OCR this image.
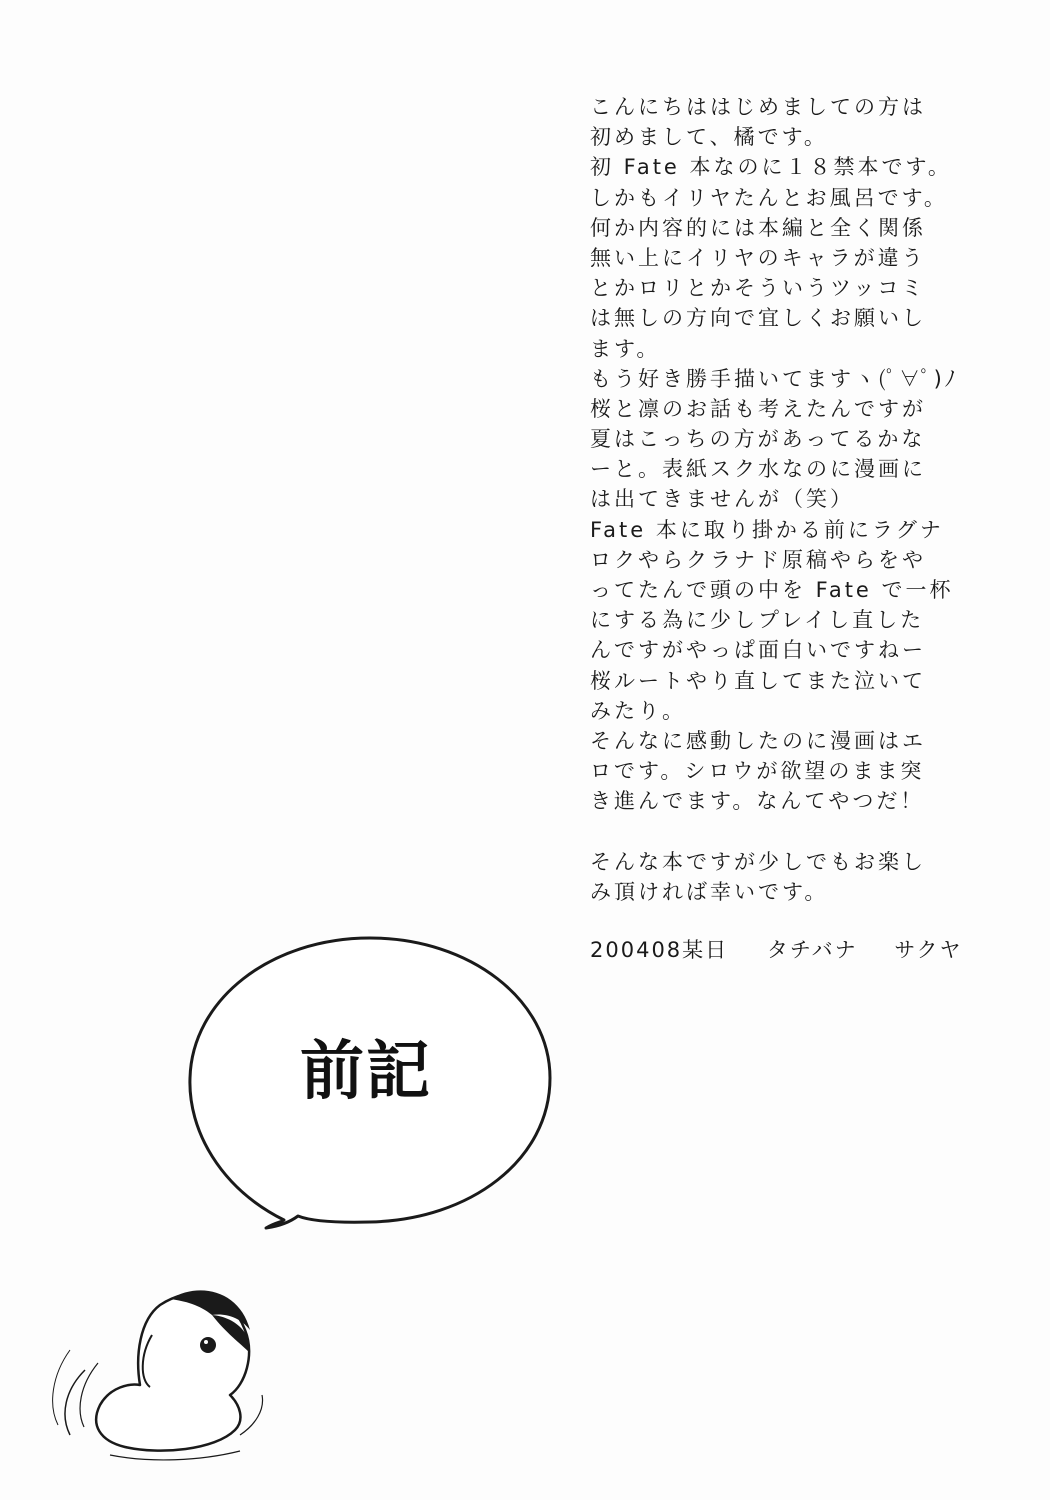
こんにちははじめましての方は
初めまして、橘です。
初 Fate 本なのに１８禁本です。
しかもイリヤたんとお風呂です。
何か内容的には本編と全く関係
無い上にイリヤのキャラが違う
とかロリとかそういうツッコミ
は無しの方向で宜しくお願いし
ます。
もう好き勝手描いてますヽ(ﾟ∀ﾟ)ﾉ
桜と凛のお話も考えたんですが
夏はこっちの方があってるかな
ーと。表紙スク水なのに漫画に
は出てきませんが（笑）
Fate 本に取り掛かる前にラグナ
ロクやらクラナド原稿やらをや
ってたんで頭の中を Fate で一杯
にする為に少しプレイし直した
んですがやっぱ面白いですねー
桜ルートやり直してまた泣いて
みたり。
そんなに感動したのに漫画はエ
ロです。シロウが欲望のまま突
き進んでます。なんてやつだ！
そんな本ですが少しでもお楽し
み頂ければ幸いです。
200408某日 タチバナ サクヤ
前記
